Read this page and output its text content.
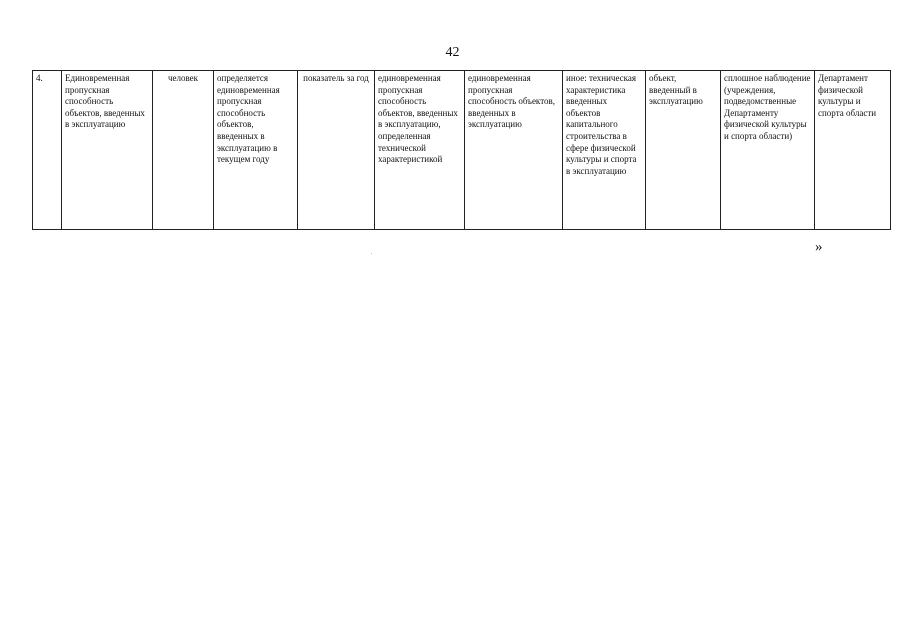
42
4.	Единовременная пропускная способность объектов, введенных в эксплуатацию	человек	определяется единовременная пропускная способность объектов, введенных в эксплуатацию в текущем году	показатель за год	единовременная пропускная способность объектов, введенных в эксплуатацию, определенная технической характеристикой	единовременная пропускная способность объектов, введенных в эксплуатацию	иное: техническая характеристика введенных объектов капитального строительства в сфере физической культуры и спорта в эксплуатацию	объект, введенный в эксплуатацию	сплошное наблюдение (учреждения, подведомственные Департаменту физической культуры и спорта области)	Департамент физической культуры и спорта области
»
